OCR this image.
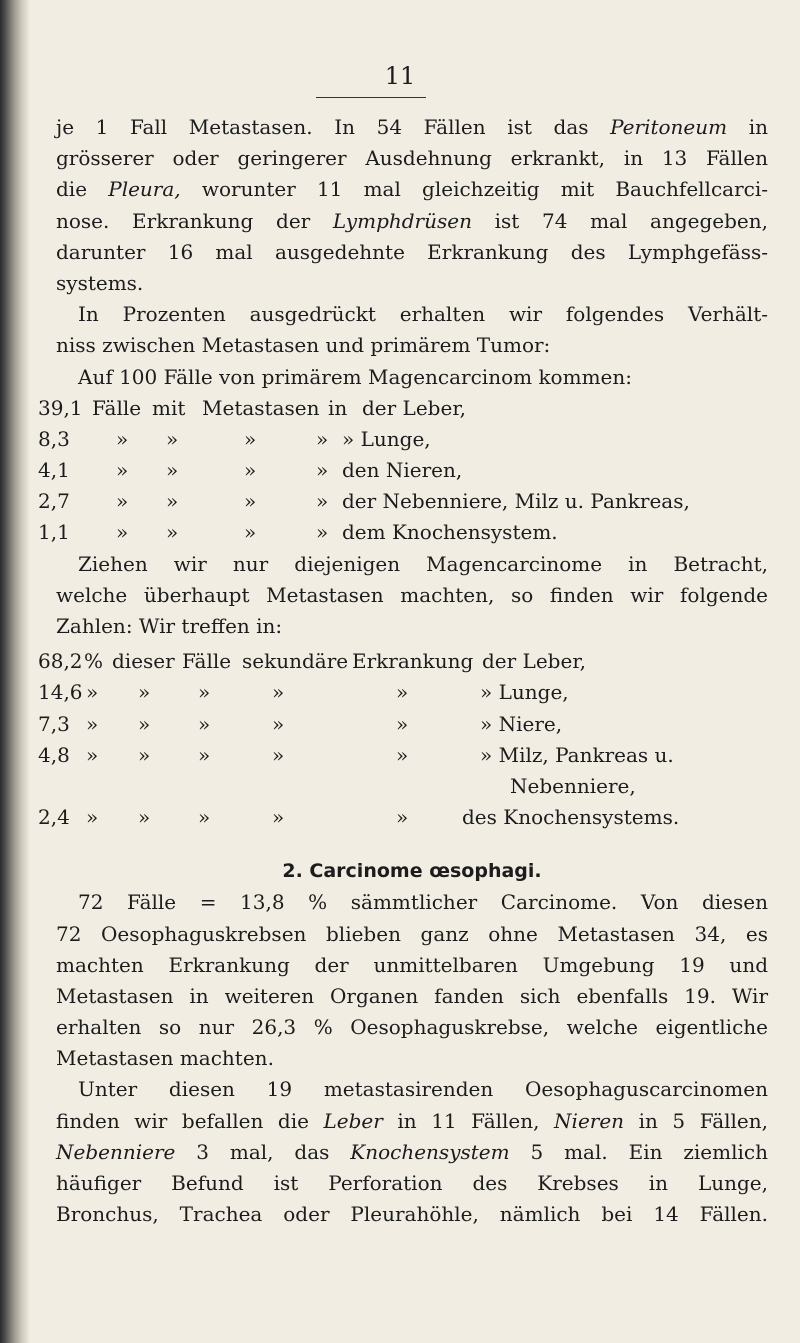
11
je 1 Fall Metastasen. In 54 Fällen ist das Peritoneum in
grösserer oder geringerer Ausdehnung erkrankt, in 13 Fällen
die Pleura, worunter 11 mal gleichzeitig mit Bauchfellcarci-
nose. Erkrankung der Lymphdrüsen ist 74 mal angegeben,
darunter 16 mal ausgedehnte Erkrankung des Lymphgefäss-
systems.
In Prozenten ausgedrückt erhalten wir folgendes Verhält-
niss zwischen Metastasen und primärem Tumor:
Auf 100 Fälle von primärem Magencarcinom kommen:
39,1 Fälle mit Metastasen in der Leber,
8,3 » »	»	» » Lunge,
4,1 » »	»	» den Nieren,
2,7 » »	»	» der Nebenniere, Milz u. Pankreas,
1,1 » »	»	» dem Knochensystem.
Ziehen wir nur diejenigen Magencarcinome in Betracht,
welche überhaupt Metastasen machten, so finden wir folgende
Zahlen: Wir treffen in:
68,2 % dieser Fälle sekundäre Erkrankung der Leber,
14,6 » » »	»	»	» Lunge,
7,3 » » »	»	»	» Niere,
4,8 » » »	»	»	» Milz, Pankreas u.
Nebenniere,
2,4 » » »	»	»	des Knochensystems.
2. Carcinome œsophagi.
72 Fälle = 13,8 % sämmtlicher Carcinome. Von diesen
72 Oesophaguskrebsen blieben ganz ohne Metastasen 34, es
machten Erkrankung der unmittelbaren Umgebung 19 und
Metastasen in weiteren Organen fanden sich ebenfalls 19. Wir
erhalten so nur 26,3 % Oesophaguskrebse, welche eigentliche
Metastasen machten.
Unter diesen 19 metastasirenden Oesophaguscarcinomen
finden wir befallen die Leber in 11 Fällen, Nieren in 5 Fällen,
Nebenniere 3 mal, das Knochensystem 5 mal. Ein ziemlich
häufiger Befund ist Perforation des Krebses in Lunge,
Bronchus, Trachea oder Pleurahöhle, nämlich bei 14 Fällen.
